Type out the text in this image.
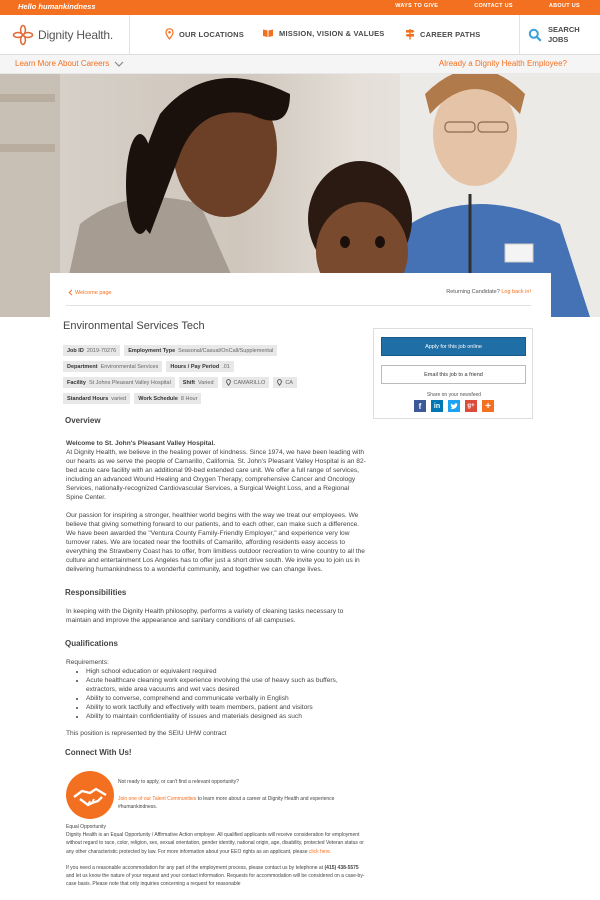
Hello humankindness	WAYS TO GIVE	CONTACT US	ABOUT US
Dignity Health.	OUR LOCATIONS	MISSION, VISION & VALUES	CAREER PATHS	SEARCH JOBS
Learn More About Careers	Already a Dignity Health Employee?
Welcome page	Returning Candidate? Log back in!
Environmental Services Tech
Job ID 2019-70276 Employment Type Seasonal/Casual/OnCall/Supplemental
Department Environmental Services Hours / Pay Period .01
Facility St Johns Pleasant Valley Hospital Shift Varied	CAMARILLO	CA
Standard Hours varied Work Schedule 8 Hour
Apply for this job online
Email this job to a friend
Share on your newsfeed
f	in	g+	+
Overview
Welcome to St. John's Pleasant Valley Hospital.

At Dignity Health, we believe in the healing power of kindness. Since 1974, we have been leading with our hearts as we serve the people of Camarillo, California. St. John's Pleasant Valley Hospital is an 82-bed acute care facility with an additional 99-bed extended care unit. We offer a full range of services, including an advanced Wound Healing and Oxygen Therapy, comprehensive Cancer and Oncology Services, nationally-recognized Cardiovascular Services, a Surgical Weight Loss, and a Regional Spine Center.

Our passion for inspiring a stronger, healthier world begins with the way we treat our employees. We believe that giving something forward to our patients, and to each other, can make such a difference. We have been awarded the "Ventura County Family-Friendly Employer," and experience very low turnover rates. We are located near the foothills of Camarillo, affording residents easy access to everything the Strawberry Coast has to offer, from limitless outdoor recreation to wine country to all the culture and entertainment Los Angeles has to offer just a short drive south. We invite you to join us in delivering humankindness to a wonderful community, and together we can change lives.

Responsibilities

In keeping with the Dignity Health philosophy, performs a variety of cleaning tasks necessary to maintain and improve the appearance and sanitary conditions of all campuses.

Qualifications
Requirements:
• High school education or equivalent required
• Acute healthcare cleaning work experience involving the use of heavy such as buffers, extractors, wide area vacuums and wet vacs desired
• Ability to converse, comprehend and communicate verbally in English
• Ability to work tactfully and effectively with team members, patient and visitors
• Ability to maintain confidentiality of issues and materials designed as such

This position is represented by the SEIU UHW contract

Connect With Us!
Not ready to apply, or can't find a relevant opportunity?
Join one of our Talent Communities to learn more about a career at Dignity Health and experience #humankindness.
Equal Opportunity

Dignity Health is an Equal Opportunity / Affirmative Action employer. All qualified applicants will receive consideration for employment without regard to race, color, religion, sex, sexual orientation, gender identity, national origin, age, disability, protected Veteran status or any other characteristic protected by law. For more information about your EEO rights as an applicant, please click here.

If you need a reasonable accommodation for any part of the employment process, please contact us by telephone at (415) 438-5575 and let us know the nature of your request and your contact information. Requests for accommodation will be considered on a case-by-case basis. Please note that only inquiries concerning a request for reasonable
